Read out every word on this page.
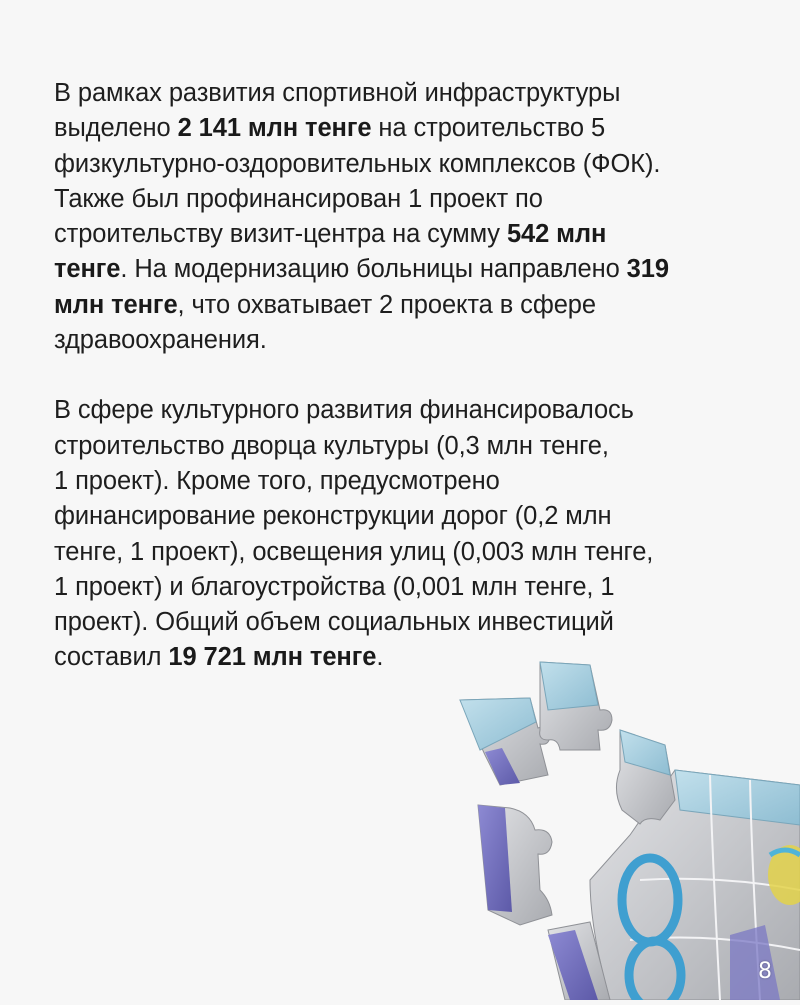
В рамках развития спортивной инфраструктуры
выделено 2 141 млн тенге на строительство 5
физкультурно-оздоровительных комплексов (ФОК).
Также был профинансирован 1 проект по
строительству визит-центра на сумму 542 млн
тенге. На модернизацию больницы направлено 319
млн тенге, что охватывает 2 проекта в сфере
здравоохранения.

В сфере культурного развития финансировалось
строительство дворца культуры (0,3 млн тенге,
1 проект). Кроме того, предусмотрено
финансирование реконструкции дорог (0,2 млн
тенге, 1 проект), освещения улиц (0,003 млн тенге,
1 проект) и благоустройства (0,001 млн тенге, 1
проект). Общий объем социальных инвестиций
составил 19 721 млн тенге.

8
